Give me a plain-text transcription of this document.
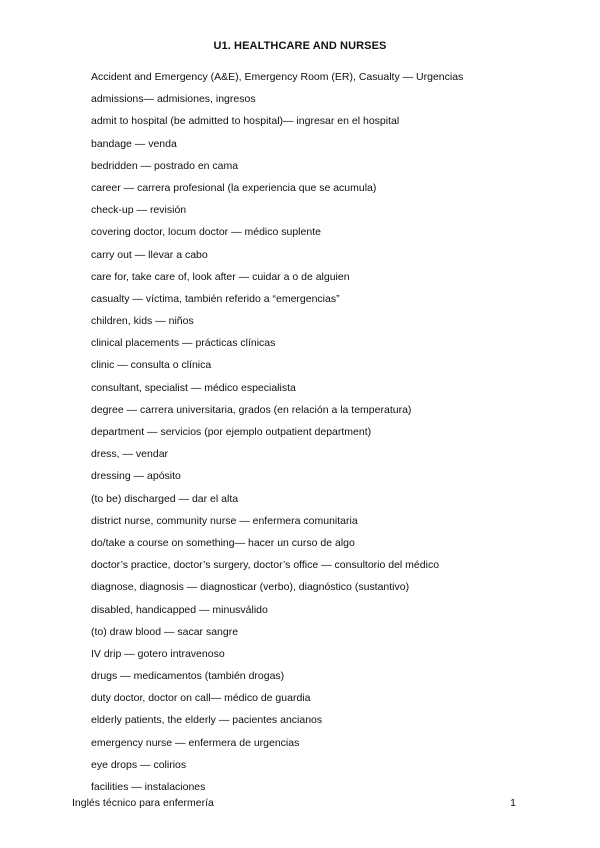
U1. HEALTHCARE AND NURSES
Accident and Emergency (A&E), Emergency Room (ER), Casualty — Urgencias
admissions— admisiones, ingresos
admit to hospital (be admitted to hospital)— ingresar en el hospital
bandage — venda
bedridden — postrado en cama
career — carrera profesional (la experiencia que se acumula)
check-up — revisión
covering doctor, locum doctor — médico suplente
carry out — llevar a cabo
care for, take care of, look after — cuidar a o de alguien
casualty — víctima, también referido a “emergencias”
children, kids — niños
clinical placements — prácticas clínicas
clinic — consulta o clínica
consultant, specialist — médico especialista
degree — carrera universitaria, grados (en relación a la temperatura)
department — servicios (por ejemplo outpatient department)
dress, — vendar
dressing — apósito
(to be) discharged — dar el alta
district nurse, community nurse — enfermera comunitaria
do/take a course on something— hacer un curso de algo
doctor’s practice, doctor’s surgery, doctor’s office — consultorio del médico
diagnose, diagnosis — diagnosticar (verbo), diagnóstico (sustantivo)
disabled, handicapped — minusválido
(to) draw blood — sacar sangre
IV drip — gotero intravenoso
drugs — medicamentos (también drogas)
duty doctor, doctor on call— médico de guardia
elderly patients, the elderly — pacientes ancianos
emergency nurse — enfermera de urgencias
eye drops — colirios
facilities — instalaciones
Inglés técnico para enfermería	1
